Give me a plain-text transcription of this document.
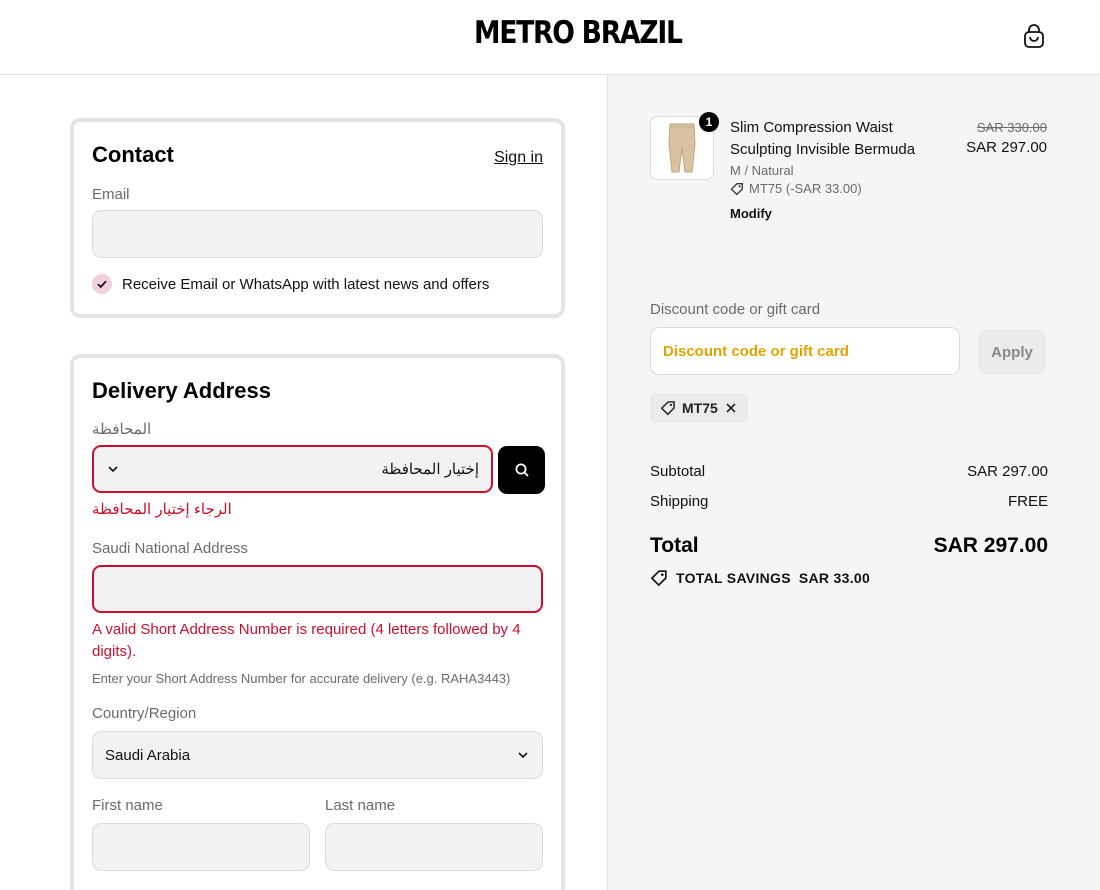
METRO BRAZIL
Contact	Sign in
Email
Receive Email or WhatsApp with latest news and offers
Delivery Address
المحافظة
إختيار المحافظة
الرجاء إختيار المحافظة
Saudi National Address
A valid Short Address Number is required (4 letters followed by 4 digits).
Enter your Short Address Number for accurate delivery (e.g. RAHA3443)
Country/Region
Saudi Arabia
First name	Last name
1	Slim Compression Waist Sculpting Invisible Bermuda
M / Natural
MT75 (-SAR 33.00)
Modify
SAR 330.00
SAR 297.00
Discount code or gift card
Discount code or gift card
Apply
MT75
Subtotal	SAR 297.00
Shipping	FREE
Total	SAR 297.00
TOTAL SAVINGS SAR 33.00
